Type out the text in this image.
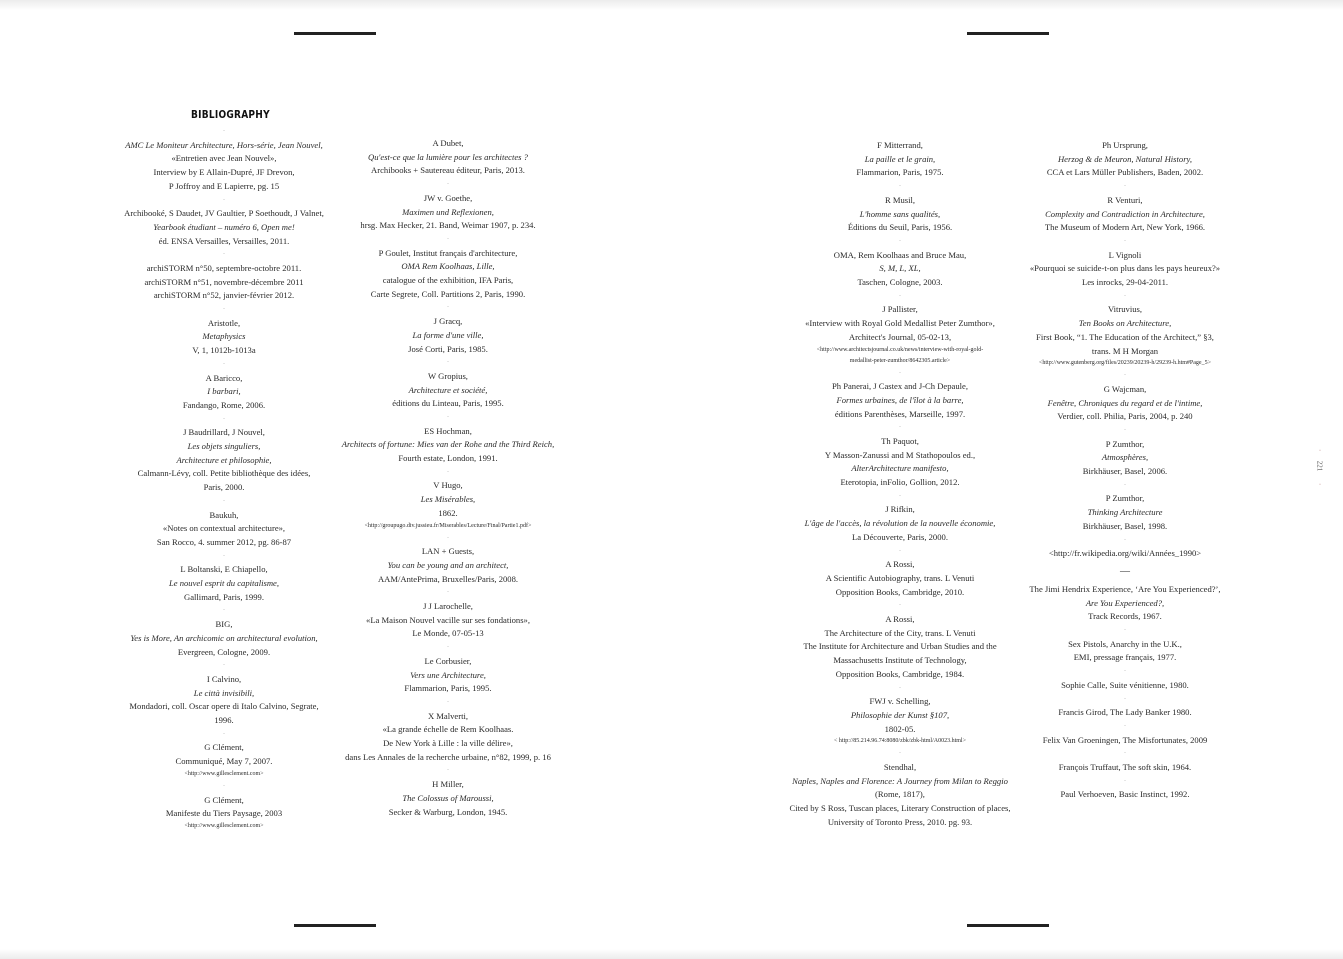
BIBLIOGRAPHY
-
AMC Le Moniteur Architecture, Hors-série, Jean Nouvel,
«Entretien avec Jean Nouvel»,
Interview by E Allain-Dupré, JF Drevon,
P Joffroy and E Lapierre, pg. 15
-
Archibooké, S Daudet, JV Gaultier, P Soethoudt, J Valnet,
Yearbook étudiant – numéro 6, Open me!
éd. ENSA Versailles, Versailles, 2011.
-
archiSTORM n°50, septembre-octobre 2011.
archiSTORM n°51, novembre-décembre 2011
archiSTORM n°52, janvier-février 2012.
-
Aristotle,
Metaphysics
V, 1, 1012b-1013a
-
A Baricco,
I barbari,
Fandango, Rome, 2006.
-
J Baudrillard, J Nouvel,
Les objets singuliers,
Architecture et philosophie,
Calmann-Lévy, coll. Petite bibliothèque des idées,
Paris, 2000.
-
Baukuh,
«Notes on contextual architecture»,
San Rocco, 4. summer 2012, pg. 86-87
-
L Boltanski, E Chiapello,
Le nouvel esprit du capitalisme,
Gallimard, Paris, 1999.
-
BIG,
Yes is More, An archicomic on architectural evolution,
Evergreen, Cologne, 2009.
-
I Calvino,
Le città invisibili,
Mondadori, coll. Oscar opere di Italo Calvino, Segrate,
1996.
-
G Clément,
Communiqué, May 7, 2007.
<http://www.gillesclement.com>
-
G Clément,
Manifeste du Tiers Paysage, 2003
<http://www.gillesclement.com>
A Dubet,
Qu'est-ce que la lumière pour les architectes ?
Archibooks + Sautereau éditeur, Paris, 2013.
-
JW v. Goethe,
Maximen und Reflexionen,
hrsg. Max Hecker, 21. Band, Weimar 1907, p. 234.
-
P Goulet, Institut français d'architecture,
OMA Rem Koolhaas, Lille,
catalogue of the exhibition, IFA Paris,
Carte Segrete, Coll. Partitions 2, Paris, 1990.
-
J Gracq,
La forme d'une ville,
José Corti, Paris, 1985.
-
W Gropius,
Architecture et société,
éditions du Linteau, Paris, 1995.
-
ES Hochman,
Architects of fortune: Mies van der Rohe and the Third Reich,
Fourth estate, London, 1991.
-
V Hugo,
Les Misérables,
1862.
<http://groupugo.div.jussieu.fr/Miserables/Lecture/Final/Partie1.pdf>
-
LAN + Guests,
You can be young and an architect,
AAM/AntePrima, Bruxelles/Paris, 2008.
-
J J Larochelle,
«La Maison Nouvel vacille sur ses fondations»,
Le Monde, 07-05-13
-
Le Corbusier,
Vers une Architecture,
Flammarion, Paris, 1995.
-
X Malverti,
«La grande échelle de Rem Koolhaas.
De New York à Lille : la ville délire»,
dans Les Annales de la recherche urbaine, n°82, 1999, p. 16
-
H Miller,
The Colossus of Maroussi,
Secker & Warburg, London, 1945.
F Mitterrand,
La paille et le grain,
Flammarion, Paris, 1975.
-
R Musil,
L'homme sans qualités,
Éditions du Seuil, Paris, 1956.
-
OMA, Rem Koolhaas and Bruce Mau,
S, M, L, XL,
Taschen, Cologne, 2003.
-
J Pallister,
«Interview with Royal Gold Medallist Peter Zumthor»,
Architect's Journal, 05-02-13,
<http://www.architectsjournal.co.uk/news/interview-with-royal-gold-
medallist-peter-zumthor/8642305.article>
-
Ph Panerai, J Castex and J-Ch Depaule,
Formes urbaines, de l'îlot à la barre,
éditions Parenthèses, Marseille, 1997.
-
Th Paquot,
Y Masson-Zanussi and M Stathopoulos ed.,
AlterArchitecture manifesto,
Eterotopia, inFolio, Gollion, 2012.
-
J Rifkin,
L'âge de l'accès, la révolution de la nouvelle économie,
La Découverte, Paris, 2000.
-
A Rossi,
A Scientific Autobiography, trans. L Venuti
Opposition Books, Cambridge, 2010.
-
A Rossi,
The Architecture of the City, trans. L Venuti
The Institute for Architecture and Urban Studies and the
Massachusetts Institute of Technology,
Opposition Books, Cambridge, 1984.
-
FWJ v. Schelling,
Philosophie der Kunst §107,
1802-05.
< http://85.214.96.74:8080/zbk/zbk-html/A0023.html>
-
Stendhal,
Naples, Naples and Florence: A Journey from Milan to Reggio
(Rome, 1817),
Cited by S Ross, Tuscan places, Literary Construction of places,
University of Toronto Press, 2010. pg. 93.
Ph Ursprung,
Herzog & de Meuron, Natural History,
CCA et Lars Müller Publishers, Baden, 2002.
-
R Venturi,
Complexity and Contradiction in Architecture,
The Museum of Modern Art, New York, 1966.
-
L Vignoli
«Pourquoi se suicide-t-on plus dans les pays heureux?»
Les inrocks, 29-04-2011.
-
Vitruvius,
Ten Books on Architecture,
First Book, “1. The Education of the Architect,” §3,
trans. M H Morgan
<http://www.gutenberg.org/files/20239/20239-h/29239-h.htm#Page_5>
-
G Wajcman,
Fenêtre, Chroniques du regard et de l'intime,
Verdier, coll. Philia, Paris, 2004, p. 240
-
P Zumthor,
Atmosphères,
Birkhäuser, Basel, 2006.
-
P Zumthor,
Thinking Architecture
Birkhäuser, Basel, 1998.
-
<http://fr.wikipedia.org/wiki/Années_1990>
—
The Jimi Hendrix Experience, ‘Are You Experienced?’,
Are You Experienced?,
Track Records, 1967.
-
Sex Pistols, Anarchy in the U.K.,
EMI, pressage français, 1977.
-
Sophie Calle, Suite vénitienne, 1980.
-
Francis Girod, The Lady Banker 1980.
-
Felix Van Groeningen, The Misfortunates, 2009
-
François Truffaut, The soft skin, 1964.
-
Paul Verhoeven, Basic Instinct, 1992.
·
221
·
